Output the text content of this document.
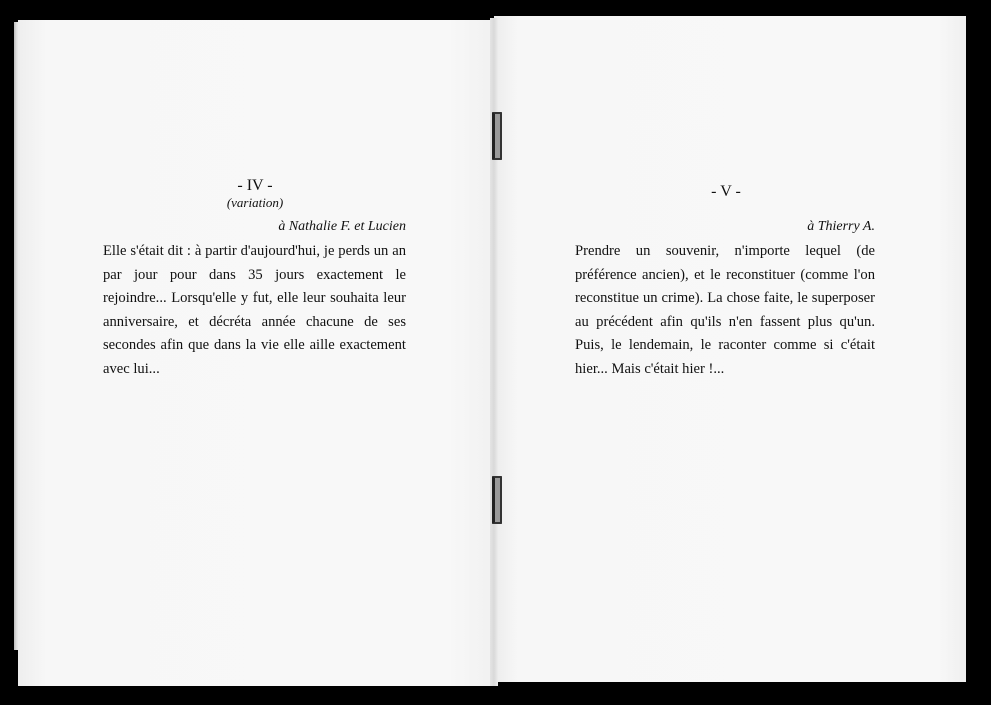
- IV -
(variation)
à Nathalie F. et Lucien

Elle s'était dit : à partir d'aujourd'hui, je perds un an par jour pour dans 35 jours exactement le rejoindre... Lorsqu'elle y fut, elle leur souhaita leur anniversaire, et décréta année chacune de ses secondes afin que dans la vie elle aille exactement avec lui...

- V -
à Thierry A.

Prendre un souvenir, n'importe lequel (de préférence ancien), et le reconstituer (comme l'on reconstitue un crime). La chose faite, le superposer au précédent afin qu'ils n'en fassent plus qu'un. Puis, le lendemain, le raconter comme si c'était hier... Mais c'était hier !...
